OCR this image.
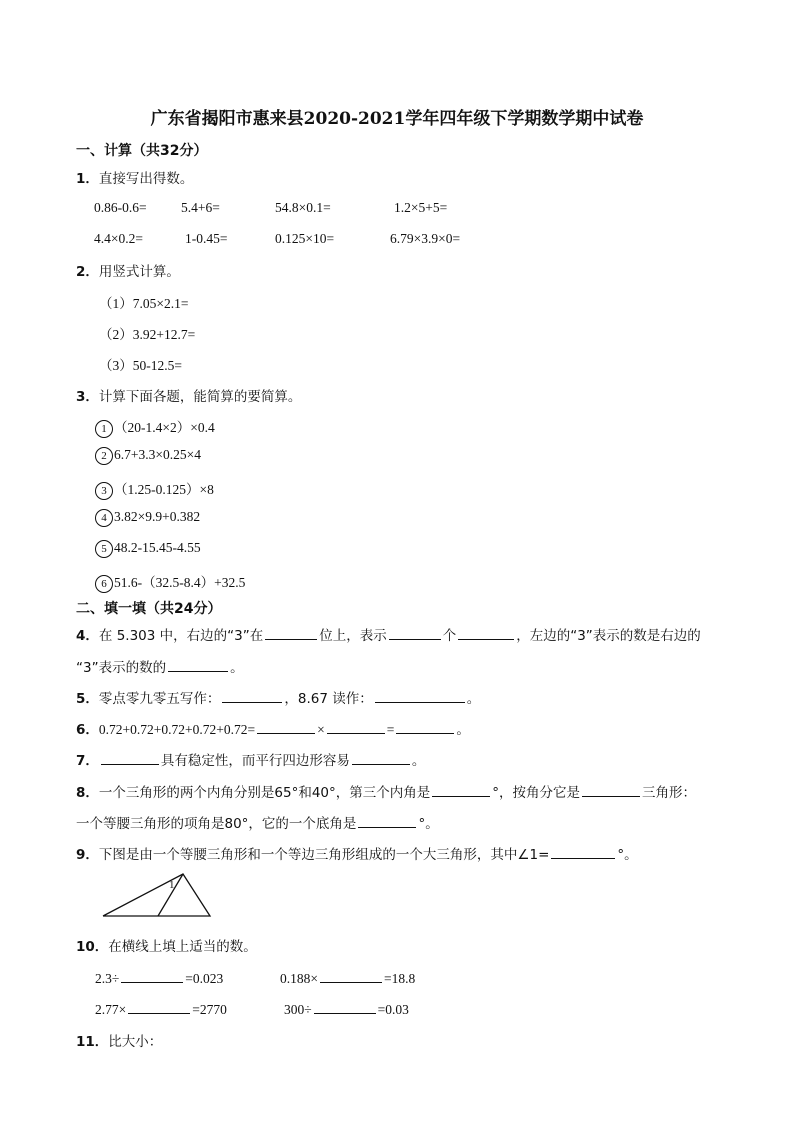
广东省揭阳市惠来县2020-2021学年四年级下学期数学期中试卷
一、计算（共32分）
1．直接写出得数。
0.86-0.6=	5.4+6=	54.8×0.1=	1.2×5+5=
4.4×0.2=	1-0.45=	0.125×10=	6.79×3.9×0=
2．用竖式计算。
（1）7.05×2.1=
（2）3.92+12.7=
（3）50-12.5=
3．计算下面各题，能简算的要简算。
1 （20-1.4×2）×0.4
2 6.7+3.3×0.25×4
3 （1.25-0.125）×8
4 3.82×9.9+0.382
5 48.2-15.45-4.55
6 51.6-（32.5-8.4）+32.5
二、填一填（共24分）
4．在 5.303 中，右边的“3”在	位上，表示	个	，左边的“3”表示的数是右边的
“3”表示的数的	。
5．零点零九零五写作：	，8.67 读作：	。
6．0.72+0.72+0.72+0.72+0.72=	×	=	。
7．	具有稳定性，而平行四边形容易	。
8．一个三角形的两个内角分别是65°和40°，第三个内角是	°，按角分它是	三角形：
一个等腰三角形的项角是80°，它的一个底角是	°。
9．下图是由一个等腰三角形和一个等边三角形组成的一个大三角形，其中∠1=	°。
1
10．在横线上填上适当的数。
2.3÷	=0.023	0.188×	=18.8
2.77×	=2770	300÷	=0.03
11．比大小：
